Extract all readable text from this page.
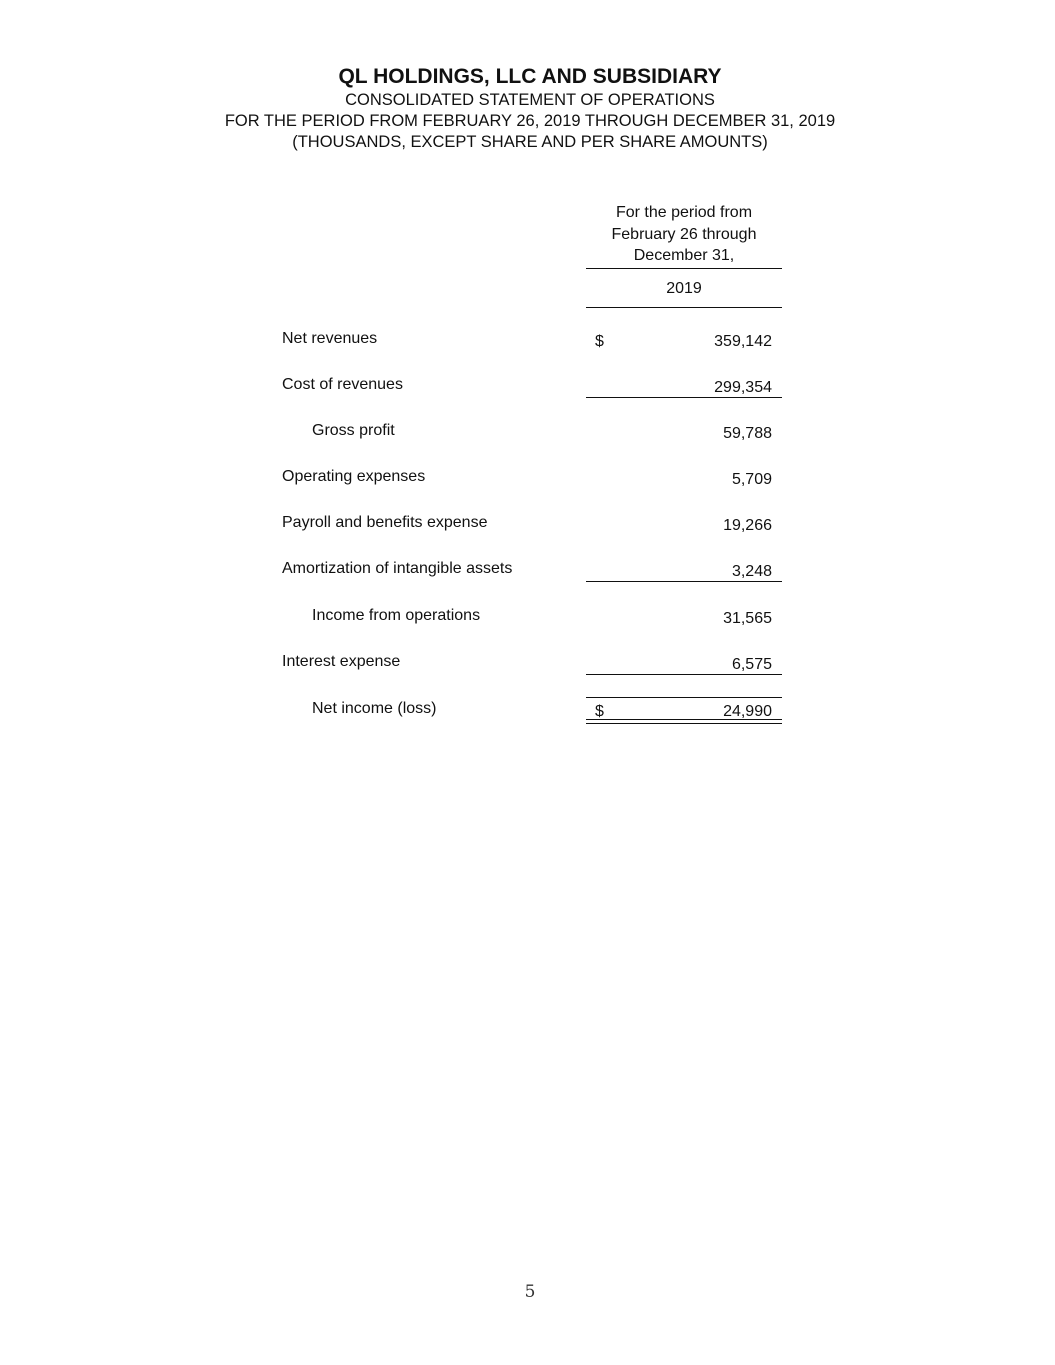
QL HOLDINGS, LLC AND SUBSIDIARY
CONSOLIDATED STATEMENT OF OPERATIONS
FOR THE PERIOD FROM FEBRUARY 26, 2019 THROUGH DECEMBER 31, 2019
(THOUSANDS, EXCEPT SHARE AND PER SHARE AMOUNTS)
For the period from
February 26 through
December 31,
2019
Net revenues	$	359,142
Cost of revenues	299,354
Gross profit	59,788
Operating expenses	5,709
Payroll and benefits expense	19,266
Amortization of intangible assets	3,248
Income from operations	31,565
Interest expense	6,575
Net income (loss)	$	24,990
5
